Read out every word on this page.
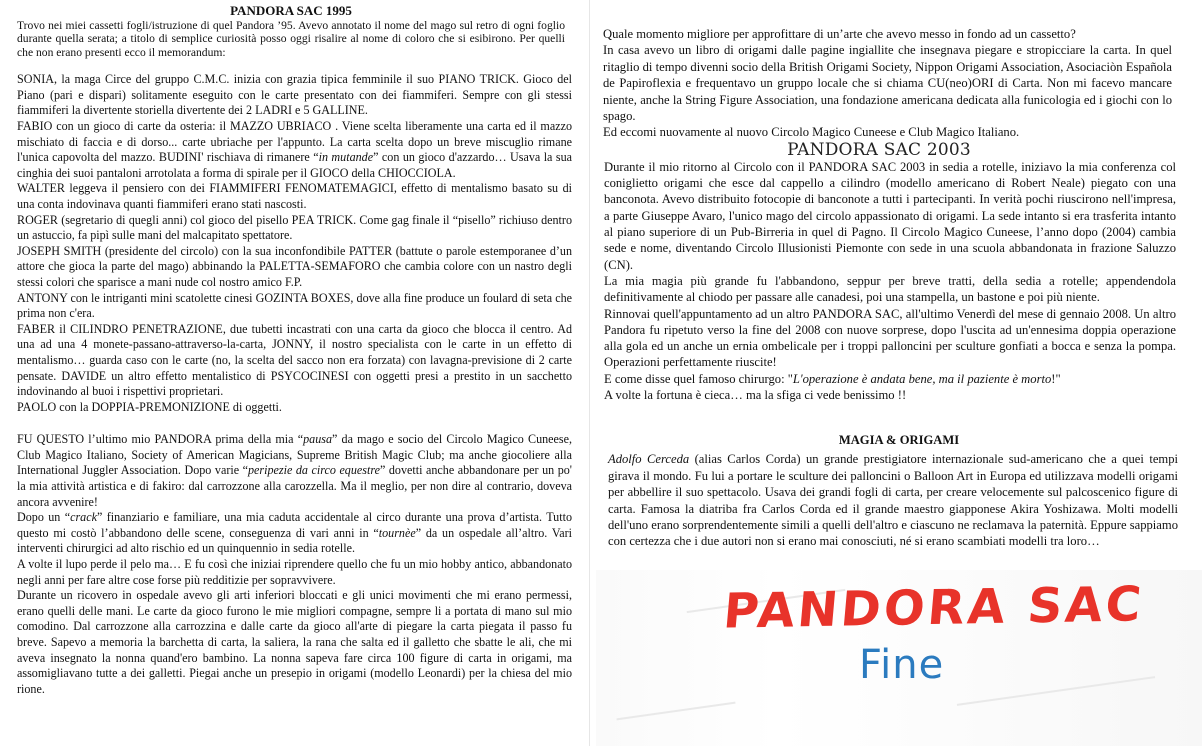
PANDORA SAC 1995

Trovo nei miei cassetti fogli/istruzione di quel Pandora ’95. Avevo annotato il nome del mago sul retro di ogni foglio durante quella serata; a titolo di semplice curiosità posso oggi risalire al nome di coloro che si esibirono. Per quelli che non erano presenti ecco il memorandum:

SONIA, la maga Circe del gruppo C.M.C. inizia con grazia tipica femminile il suo PIANO TRICK. Gioco del Piano (pari e dispari) solitamente eseguito con le carte presentato con dei fiammiferi. Sempre con gli stessi fiammiferi la divertente storiella divertente dei 2 LADRI e 5 GALLINE.

FABIO con un gioco di carte da osteria: il MAZZO UBRIACO . Viene scelta liberamente una carta ed il mazzo mischiato di faccia e di dorso... carte ubriache per l'appunto. La carta scelta dopo un breve miscuglio rimane l'unica capovolta del mazzo. BUDINI' rischiava di rimanere “in mutande” con un gioco d'azzardo… Usava la sua cinghia dei suoi pantaloni arrotolata a forma di spirale per il GIOCO della CHIOCCIOLA.

WALTER leggeva il pensiero con dei FIAMMIFERI FENOMATEMAGICI, effetto di mentalismo basato su di una conta indovinava quanti fiammiferi erano stati nascosti.

ROGER (segretario di quegli anni) col gioco del pisello PEA TRICK. Come gag finale il “pisello” richiuso dentro un astuccio, fa pipì sulle mani del malcapitato spettatore.

JOSEPH SMITH (presidente del circolo) con la sua inconfondibile PATTER (battute o parole estemporanee d’un attore che gioca la parte del mago) abbinando la PALETTA-SEMAFORO che cambia colore con un nastro degli stessi colori che sparisce a mani nude col nostro amico F.P.

ANTONY con le intriganti mini scatolette cinesi GOZINTA BOXES, dove alla fine produce un foulard di seta che prima non c'era.

FABER il CILINDRO PENETRAZIONE, due tubetti incastrati con una carta da gioco che blocca il centro. Ad una ad una 4 monete-passano-attraverso-la-carta, JONNY, il nostro specialista con le carte in un effetto di mentalismo… guarda caso con le carte (no, la scelta del sacco non era forzata) con lavagna-previsione di 2 carte pensate. DAVIDE un altro effetto mentalistico di PSYCOCINESI con oggetti presi a prestito in un sacchetto indovinando al buoi i rispettivi proprietari.

PAOLO con la DOPPIA-PREMONIZIONE di oggetti.

FU QUESTO l’ultimo mio PANDORA prima della mia “pausa” da mago e socio del Circolo Magico Cuneese, Club Magico Italiano, Society of American Magicians, Supreme British Magic Club; ma anche giocoliere alla International Juggler Association. Dopo varie “peripezie da circo equestre” dovetti anche abbandonare per un po' la mia attività artistica e di fakiro: dal carrozzone alla carozzella. Ma il meglio, per non dire al contrario, doveva ancora avvenire!

Dopo un “crack” finanziario e familiare, una mia caduta accidentale al circo durante una prova d’artista. Tutto questo mi costò l’abbandono delle scene, conseguenza di vari anni in “tournèe” da un ospedale all’altro. Vari interventi chirurgici ad alto rischio ed un quinquennio in sedia rotelle.

A volte il lupo perde il pelo ma… E fu così che iniziai riprendere quello che fu un mio hobby antico, abbandonato negli anni per fare altre cose forse più redditizie per sopravvivere.

Durante un ricovero in ospedale avevo gli arti inferiori bloccati e gli unici movimenti che mi erano permessi, erano quelli delle mani. Le carte da gioco furono le mie migliori compagne, sempre li a portata di mano sul mio comodino. Dal carrozzone alla carrozzina e dalle carte da gioco all'arte di piegare la carta piegata il passo fu breve. Sapevo a memoria la barchetta di carta, la saliera, la rana che salta ed il galletto che sbatte le ali, che mi aveva insegnato la nonna quand'ero bambino. La nonna sapeva fare circa 100 figure di carta in origami, ma assomigliavano tutte a dei galletti. Piegai anche un presepio in origami (modello Leonardi) per la chiesa del mio rione.

Quale momento migliore per approfittare di un’arte che avevo messo in fondo ad un cassetto?

In casa avevo un libro di origami dalle pagine ingiallite che insegnava piegare e stropicciare la carta. In quel ritaglio di tempo divenni socio della British Origami Society, Nippon Origami Association, Asociaciòn Española de Papiroflexia e frequentavo un gruppo locale che si chiama CU(neo)ORI di Carta. Non mi facevo mancare niente, anche la String Figure Association, una fondazione americana dedicata alla funicologia ed i giochi con lo spago.

Ed eccomi nuovamente al nuovo Circolo Magico Cuneese e Club Magico Italiano.

PANDORA SAC 2003

Durante il mio ritorno al Circolo con il PANDORA SAC 2003 in sedia a rotelle, iniziavo la mia conferenza col coniglietto origami che esce dal cappello a cilindro (modello americano di Robert Neale) piegato con una banconota. Avevo distribuito fotocopie di banconote a tutti i partecipanti. In verità pochi riuscirono nell'impresa, a parte Giuseppe Avaro, l'unico mago del circolo appassionato di origami. La sede intanto si era trasferita intanto al piano superiore di un Pub-Birreria in quel di Pagno. Il Circolo Magico Cuneese, l’anno dopo (2004) cambia sede e nome, diventando Circolo Illusionisti Piemonte con sede in una scuola abbandonata in frazione Saluzzo (CN).

La mia magia più grande fu l'abbandono, seppur per breve tratti, della sedia a rotelle; appendendola definitivamente al chiodo per passare alle canadesi, poi una stampella, un bastone e poi più niente.

Rinnovai quell'appuntamento ad un altro PANDORA SAC, all'ultimo Venerdì del mese di gennaio 2008. Un altro Pandora fu ripetuto verso la fine del 2008 con nuove sorprese, dopo l'uscita ad un'ennesima doppia operazione alla gola ed un anche un ernia ombelicale per i troppi palloncini per sculture gonfiati a bocca e senza la pompa. Operazioni perfettamente riuscite!

E come disse quel famoso chirurgo: "L'operazione è andata bene, ma il paziente è morto!"

A volte la fortuna è cieca… ma la sfiga ci vede benissimo !!

MAGIA & ORIGAMI

Adolfo Cerceda (alias Carlos Corda) un grande prestigiatore internazionale sud-americano che a quei tempi girava il mondo. Fu lui a portare le sculture dei palloncini o Balloon Art in Europa ed utilizzava modelli origami per abbellire il suo spettacolo. Usava dei grandi fogli di carta, per creare velocemente sul palcoscenico figure di carta. Famosa la diatriba fra Carlos Corda ed il grande maestro giapponese Akira Yoshizawa. Molti modelli dell'uno erano sorprendentemente simili a quelli dell'altro e ciascuno ne reclamava la paternità. Eppure sappiamo con certezza che i due autori non si erano mai conosciuti, né si erano scambiati modelli tra loro…

PANDORA SAC
Fine
